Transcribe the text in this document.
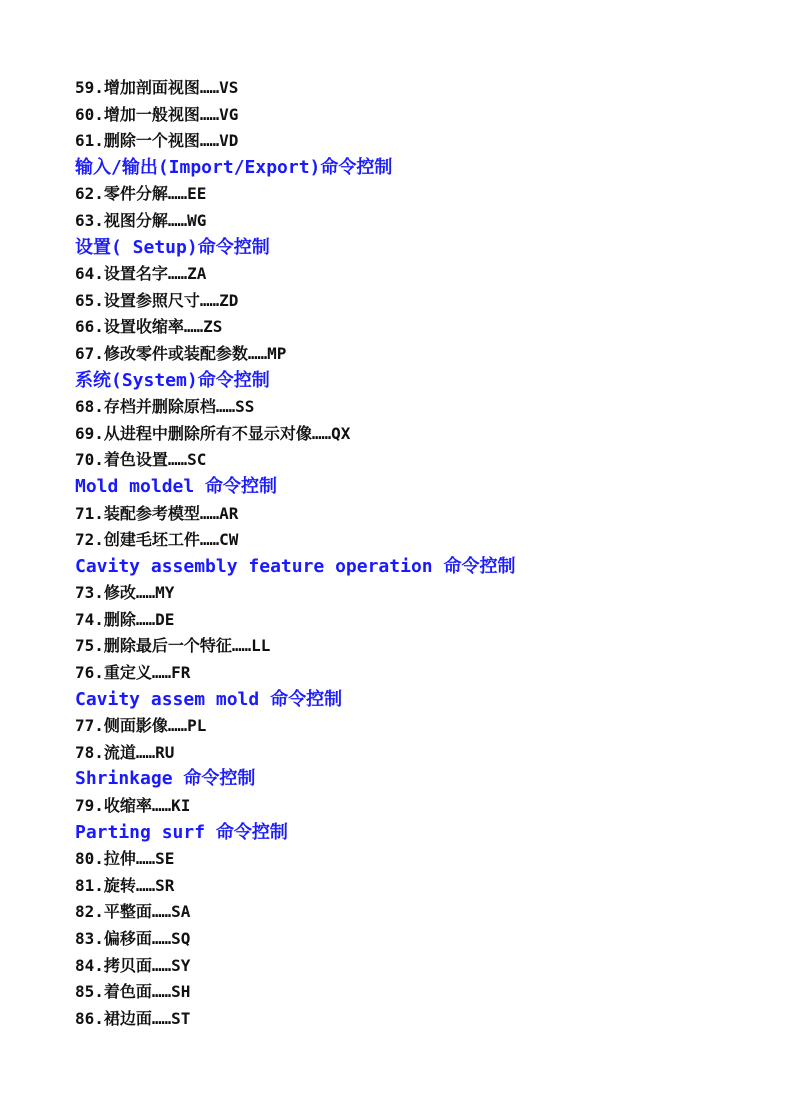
59.增加剖面视图……VS
60.增加一般视图……VG
61.删除一个视图……VD
输入/输出(Import/Export)命令控制
62.零件分解……EE
63.视图分解……WG
设置( Setup)命令控制
64.设置名字……ZA
65.设置参照尺寸……ZD
66.设置收缩率……ZS
67.修改零件或装配参数……MP
系统(System)命令控制
68.存档并删除原档……SS
69.从进程中删除所有不显示对像……QX
70.着色设置……SC
Mold moldel 命令控制
71.装配参考模型……AR
72.创建毛坯工件……CW
Cavity assembly feature operation 命令控制
73.修改……MY
74.删除……DE
75.删除最后一个特征……LL
76.重定义……FR
Cavity assem mold 命令控制
77.侧面影像……PL
78.流道……RU
Shrinkage 命令控制
79.收缩率……KI
Parting surf 命令控制
80.拉伸……SE
81.旋转……SR
82.平整面……SA
83.偏移面……SQ
84.拷贝面……SY
85.着色面……SH
86.裙边面……ST
